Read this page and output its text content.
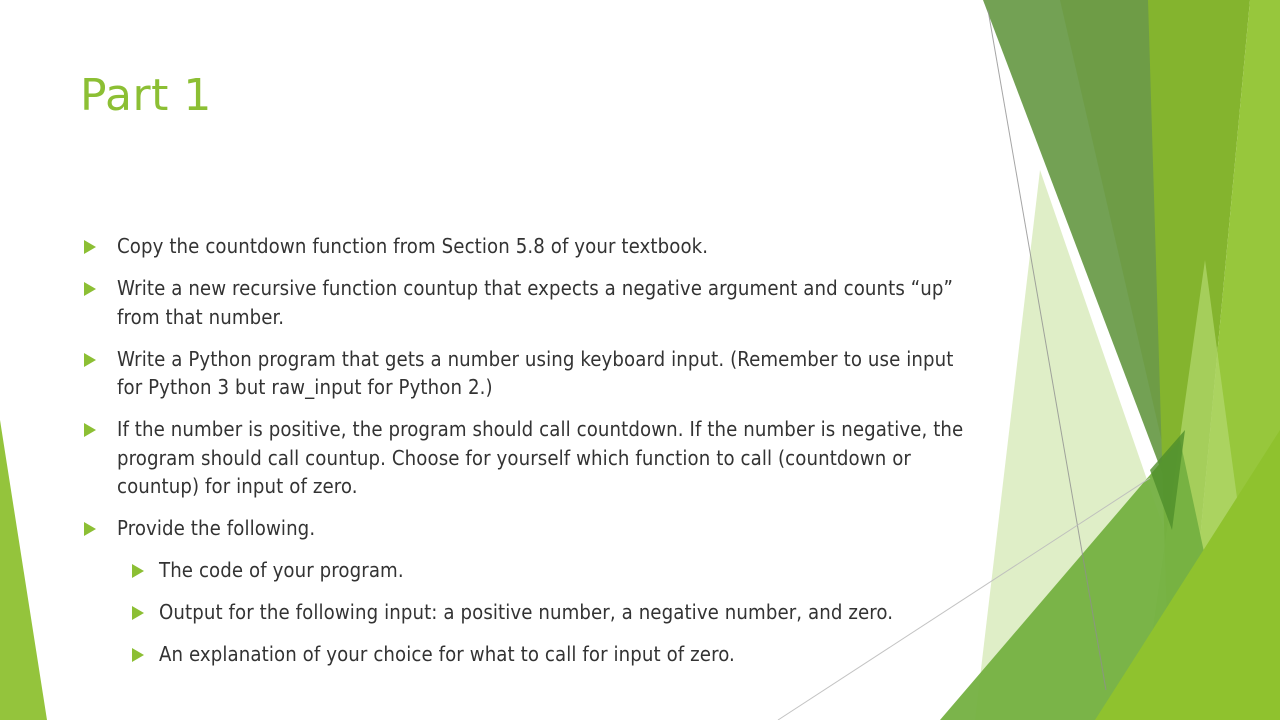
Part 1
Copy the countdown function from Section 5.8 of your textbook.
Write a new recursive function countup that expects a negative argument and counts “up” from that number.
Write a Python program that gets a number using keyboard input. (Remember to use input for Python 3 but raw_input for Python 2.)
If the number is positive, the program should call countdown. If the number is negative, the program should call countup. Choose for yourself which function to call (countdown or countup) for input of zero.
Provide the following.
The code of your program.
Output for the following input: a positive number, a negative number, and zero.
An explanation of your choice for what to call for input of zero.
